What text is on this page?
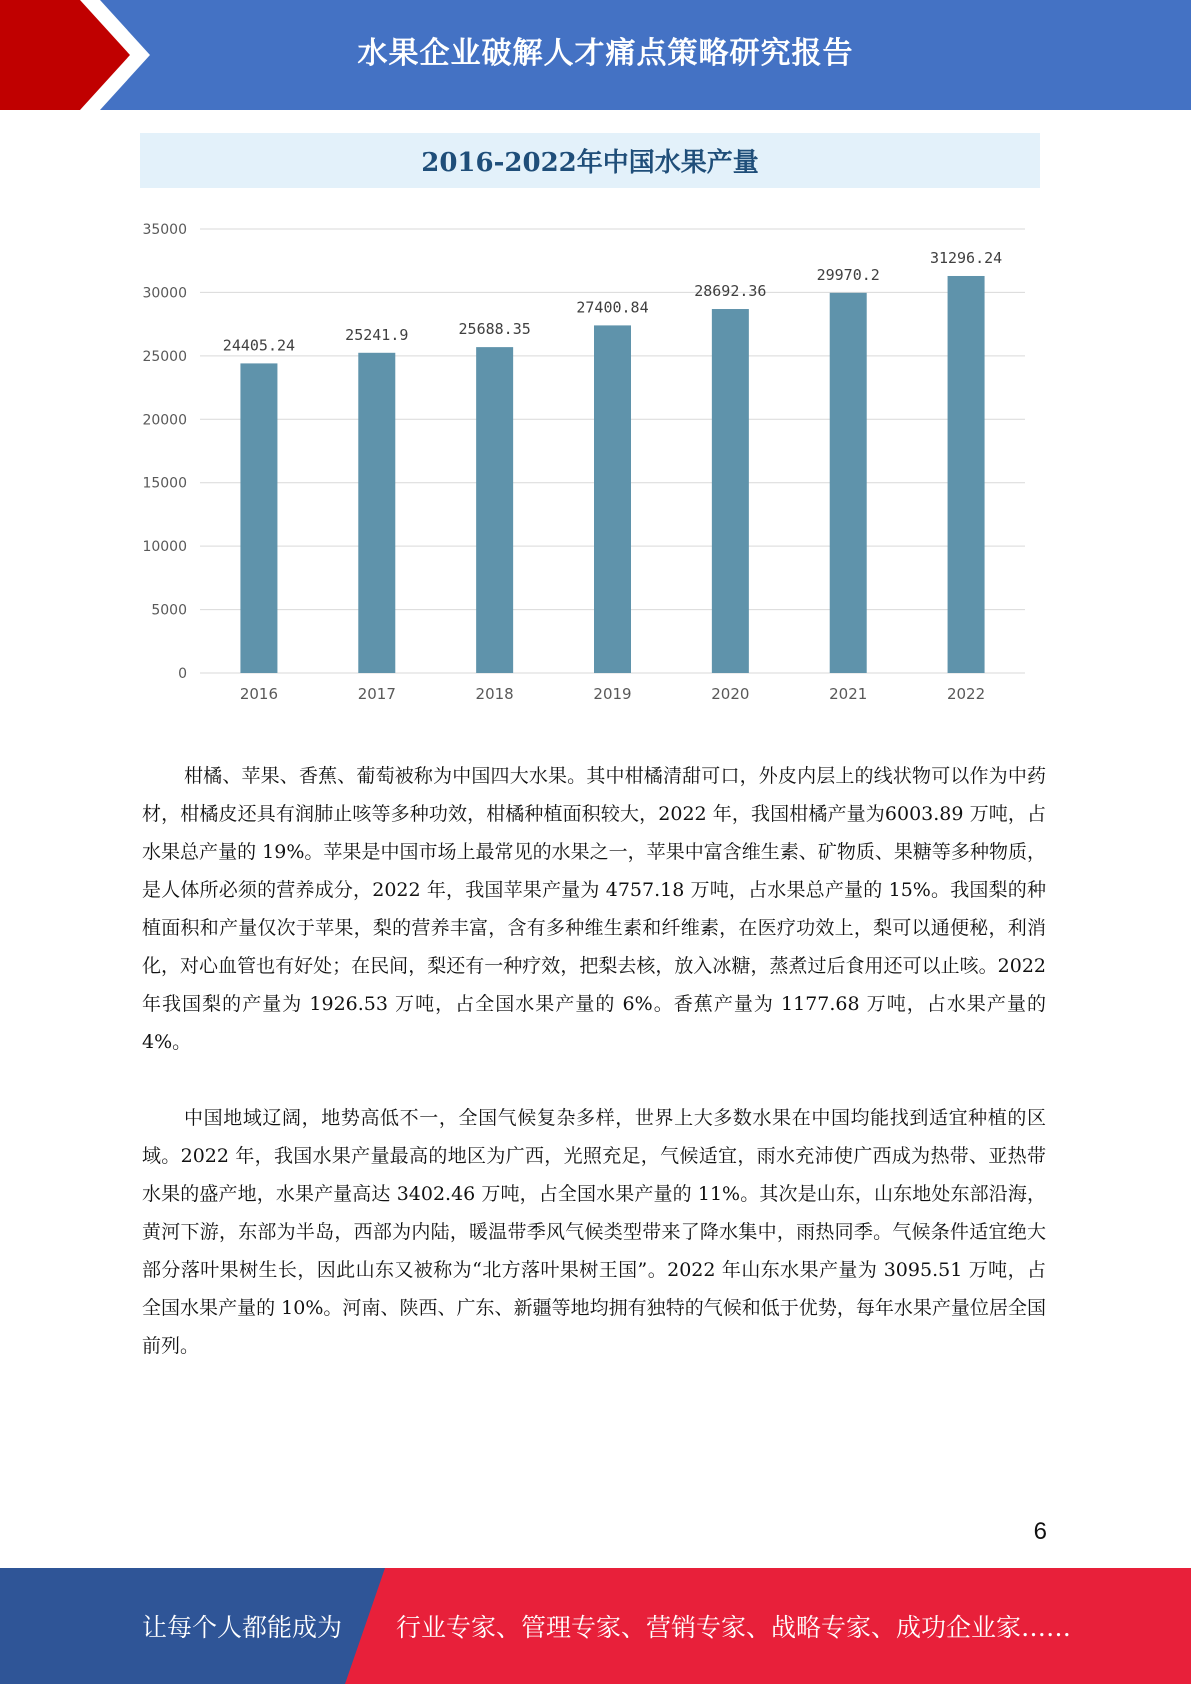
水果企业破解人才痛点策略研究报告
2016-2022年中国水果产量
0
5000
10000
15000
20000
25000
30000
35000
24405.24
2016
25241.9
2017
25688.35
2018
27400.84
2019
28692.36
2020
29970.2
2021
31296.24
2022

柑橘、苹果、香蕉、葡萄被称为中国四大水果。其中柑橘清甜可口，外皮内层上的线状物可以作为中药材，柑橘皮还具有润肺止咳等多种功效，柑橘种植面积较大，2022 年，我国柑橘产量为6003.89 万吨，占水果总产量的 19%。苹果是中国市场上最常见的水果之一，苹果中富含维生素、矿物质、果糖等多种物质，是人体所必须的营养成分，2022 年，我国苹果产量为 4757.18 万吨，占水果总产量的 15%。我国梨的种植面积和产量仅次于苹果，梨的营养丰富，含有多种维生素和纤维素，在医疗功效上，梨可以通便秘，利消化，对心血管也有好处；在民间，梨还有一种疗效，把梨去核，放入冰糖，蒸煮过后食用还可以止咳。2022 年我国梨的产量为 1926.53 万吨，占全国水果产量的 6%。香蕉产量为 1177.68 万吨，占水果产量的 4%。

中国地域辽阔，地势高低不一，全国气候复杂多样，世界上大多数水果在中国均能找到适宜种植的区域。2022 年，我国水果产量最高的地区为广西，光照充足，气候适宜，雨水充沛使广西成为热带、亚热带水果的盛产地，水果产量高达 3402.46 万吨，占全国水果产量的 11%。其次是山东，山东地处东部沿海，黄河下游，东部为半岛，西部为内陆，暖温带季风气候类型带来了降水集中，雨热同季。气候条件适宜绝大部分落叶果树生长，因此山东又被称为“北方落叶果树王国”。2022 年山东水果产量为 3095.51 万吨，占全国水果产量的 10%。河南、陕西、广东、新疆等地均拥有独特的气候和低于优势，每年水果产量位居全国前列。

6
让每个人都能成为 行业专家、管理专家、营销专家、战略专家、成功企业家……
